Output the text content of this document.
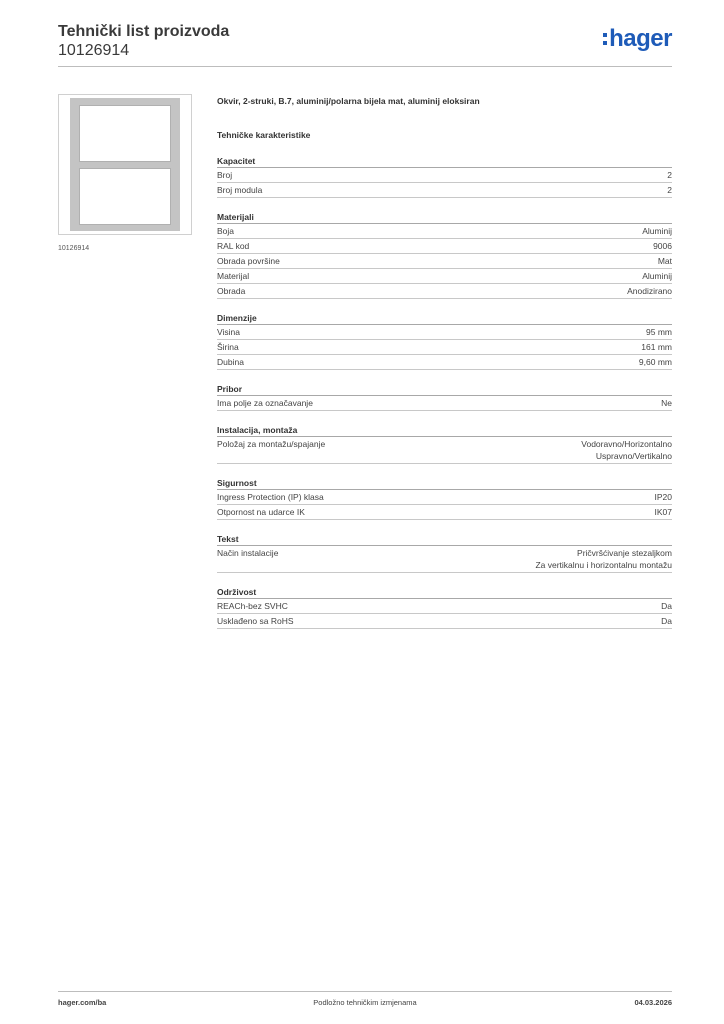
Tehnički list proizvoda
10126914	hager
10126914
Okvir, 2-struki, B.7, aluminij/polarna bijela mat, aluminij eloksiran
Tehničke karakteristike
Kapacitet
Broj	2
Broj modula	2
Materijali
Boja	Aluminij
RAL kod	9006
Obrada površine	Mat
Materijal	Aluminij
Obrada	Anodizirano
Dimenzije
Visina	95 mm
Širina	161 mm
Dubina	9,60 mm
Pribor
Ima polje za označavanje	Ne
Instalacija, montaža
Položaj za montažu/spajanje	Vodoravno/Horizontalno
Uspravno/Vertikalno
Sigurnost
Ingress Protection (IP) klasa	IP20
Otpornost na udarce IK	IK07
Tekst
Način instalacije	Pričvršćivanje stezaljkom
Za vertikalnu i horizontalnu montažu
Održivost
REACh-bez SVHC	Da
Usklađeno sa RoHS	Da
hager.com/ba	Podložno tehničkim izmjenama	04.03.2026
